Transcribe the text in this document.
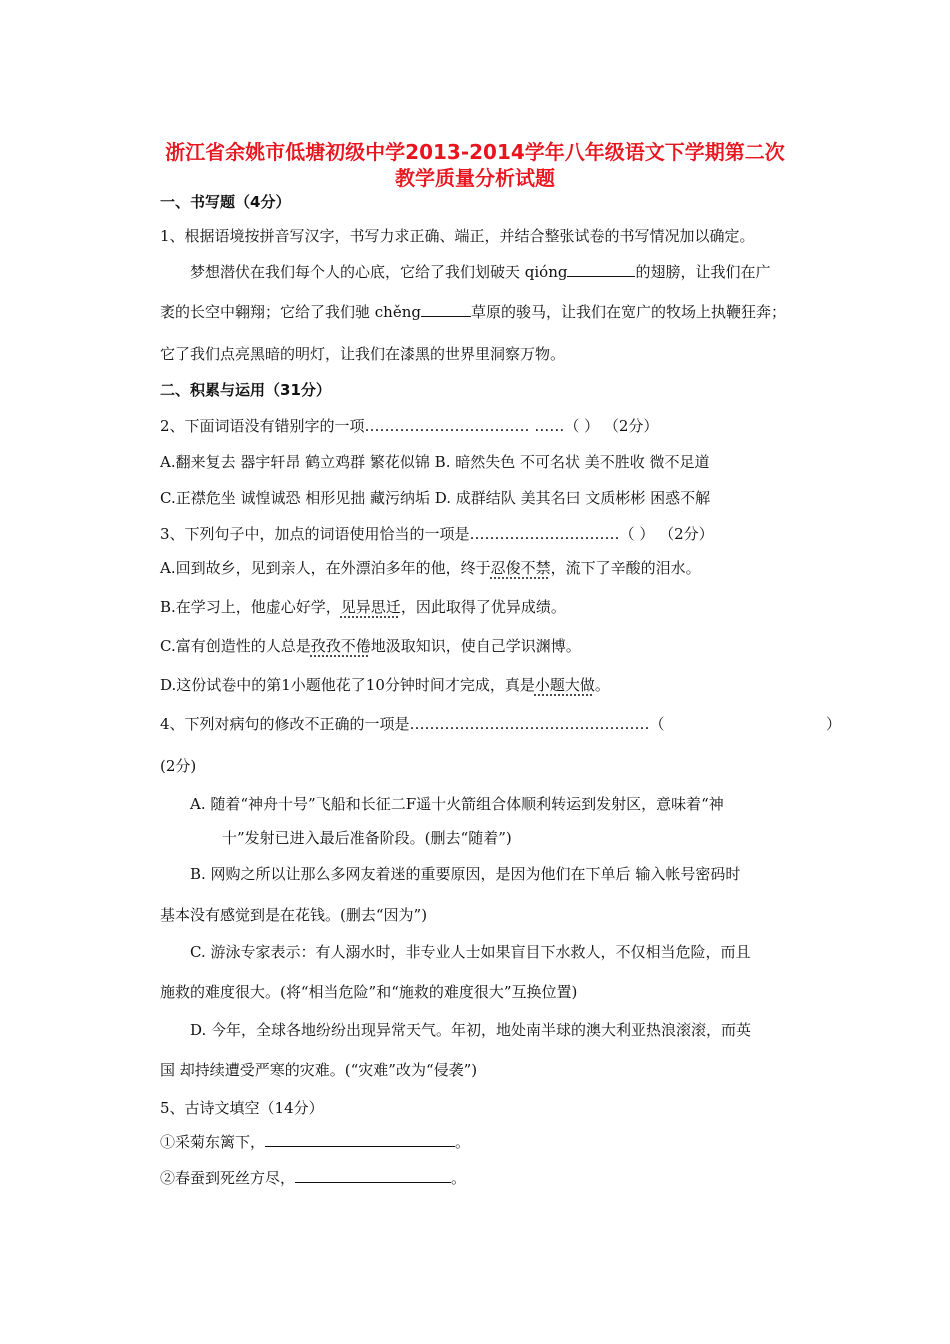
浙江省余姚市低塘初级中学2013-2014学年八年级语文下学期第二次
教学质量分析试题
一、书写题（4分）
1、根据语境按拼音写汉字，书写力求正确、端正，并结合整张试卷的书写情况加以确定。
梦想潜伏在我们每个人的心底，它给了我们划破天 qióng	的翅膀，让我们在广
袤的长空中翱翔；它给了我们驰 chěng	草原的骏马，让我们在宽广的牧场上执鞭狂奔；
它了我们点亮黑暗的明灯，让我们在漆黑的世界里洞察万物。
二、积累与运用（31分）
2、下面词语没有错别字的一项…………………………… ……（ ） （2分）
A.翻来复去 器宇轩昂 鹤立鸡群 繁花似锦 B. 暗然失色 不可名状 美不胜收 微不足道
C.正襟危坐 诚惶诚恐 相形见拙 藏污纳垢 D. 成群结队 美其名曰 文质彬彬 困惑不解
3、下列句子中，加点的词语使用恰当的一项是…………………………（ ） （2分）
A.回到故乡，见到亲人，在外漂泊多年的他，终于忍俊不禁，流下了辛酸的泪水。
B.在学习上，他虚心好学，见异思迁，因此取得了优异成绩。
C.富有创造性的人总是孜孜不倦地汲取知识，使自己学识渊博。
D.这份试卷中的第1小题他花了10分钟时间才完成，真是小题大做。
4、下列对病句的修改不正确的一项是…………………………………………（	）
(2分)
A. 随着“神舟十号”飞船和长征二F遥十火箭组合体顺利转运到发射区，意味着“神
十”发射已进入最后准备阶段。(删去“随着”)
B. 网购之所以让那么多网友着迷的重要原因，是因为他们在下单后 输入帐号密码时
基本没有感觉到是在花钱。(删去“因为”)
C. 游泳专家表示：有人溺水时，非专业人士如果盲目下水救人，不仅相当危险，而且
施救的难度很大。(将“相当危险”和“施救的难度很大”互换位置)
D. 今年，全球各地纷纷出现异常天气。年初，地处南半球的澳大利亚热浪滚滚，而英
国 却持续遭受严寒的灾难。(“灾难”改为“侵袭”)
5、古诗文填空（14分）
①采菊东篱下，	。
②春蚕到死丝方尽，	。
